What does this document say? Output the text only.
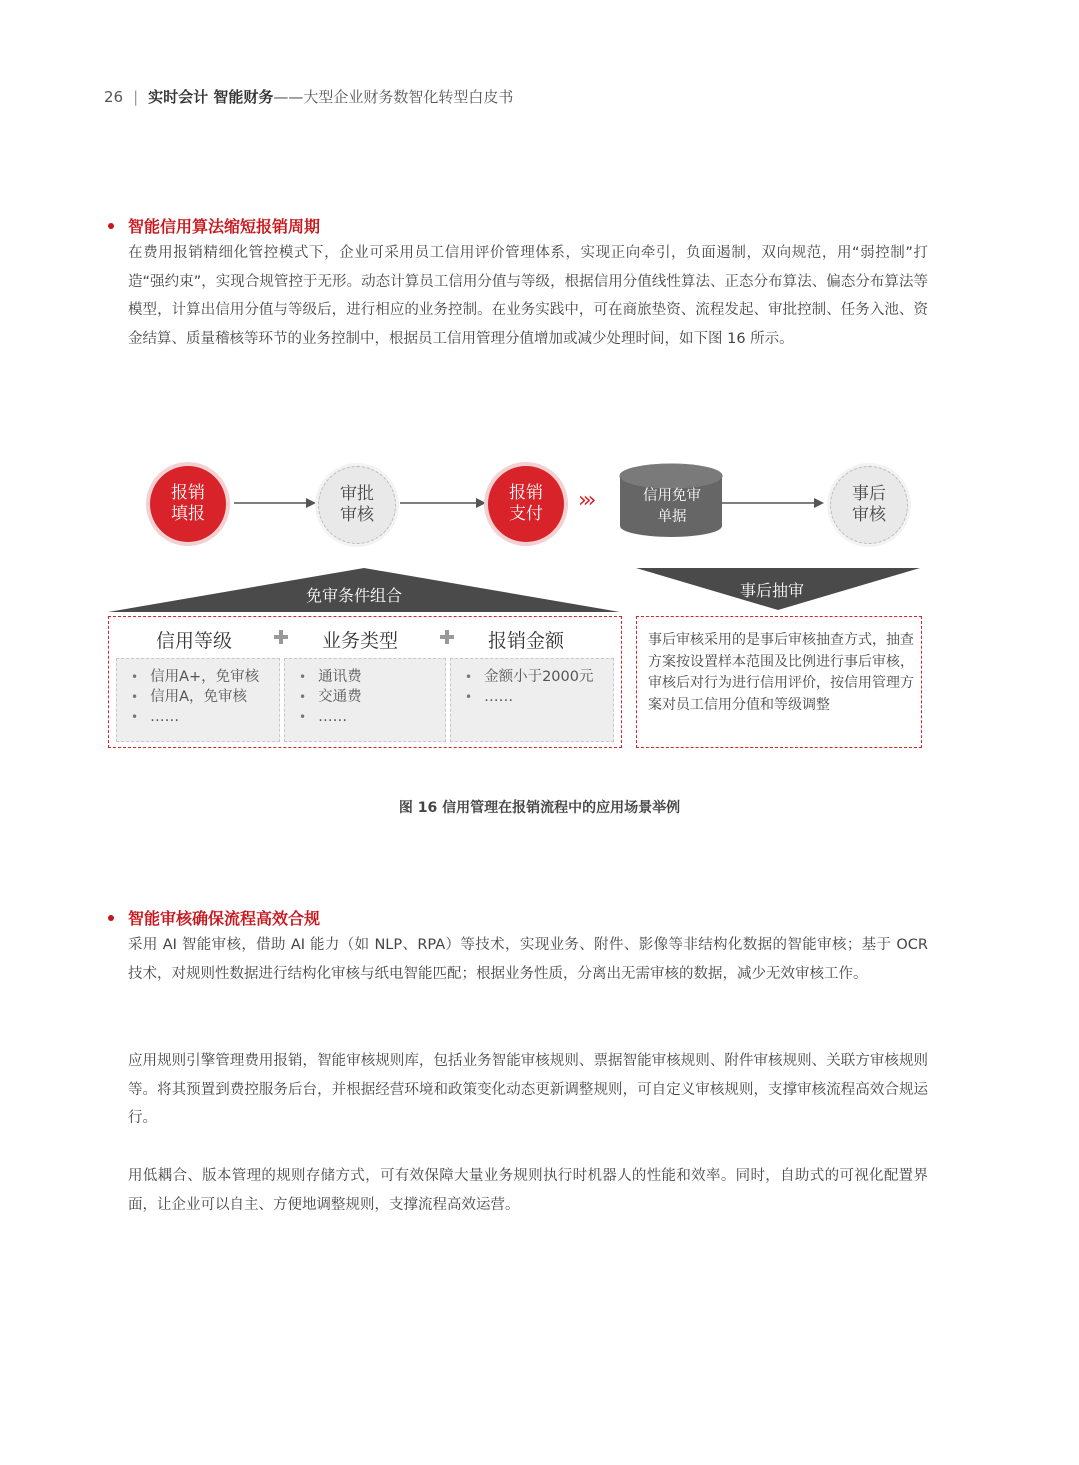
26 | 实时会计 智能财务——大型企业财务数智化转型白皮书
智能信用算法缩短报销周期
在费用报销精细化管控模式下，企业可采用员工信用评价管理体系，实现正向牵引，负面遏制，双向规范，用“弱控制”打造“强约束”，实现合规管控于无形。动态计算员工信用分值与等级，根据信用分值线性算法、正态分布算法、偏态分布算法等模型，计算出信用分值与等级后，进行相应的业务控制。在业务实践中，可在商旅垫资、流程发起、审批控制、任务入池、资金结算、质量稽核等环节的业务控制中，根据员工信用管理分值增加或减少处理时间，如下图 16 所示。
报销
填报
审批
审核
报销
支付
›››	信用免审
单据
事后
审核
免审条件组合	事后抽审
信用等级	业务类型	报销金额
• 信用A+，免审核
• 信用A，免审核
• ……
• 通讯费
• 交通费
• ……
• 金额小于2000元
• ……
事后审核采用的是事后审核抽查方式，抽查方案按设置样本范围及比例进行事后审核，审核后对行为进行信用评价，按信用管理方案对员工信用分值和等级调整
图 16 信用管理在报销流程中的应用场景举例
智能审核确保流程高效合规
采用 AI 智能审核，借助 AI 能力（如 NLP、RPA）等技术，实现业务、附件、影像等非结构化数据的智能审核；基于 OCR 技术，对规则性数据进行结构化审核与纸电智能匹配；根据业务性质，分离出无需审核的数据，减少无效审核工作。
应用规则引擎管理费用报销，智能审核规则库，包括业务智能审核规则、票据智能审核规则、附件审核规则、关联方审核规则等。将其预置到费控服务后台，并根据经营环境和政策变化动态更新调整规则，可自定义审核规则，支撑审核流程高效合规运行。
用低耦合、版本管理的规则存储方式，可有效保障大量业务规则执行时机器人的性能和效率。同时，自助式的可视化配置界面，让企业可以自主、方便地调整规则，支撑流程高效运营。
